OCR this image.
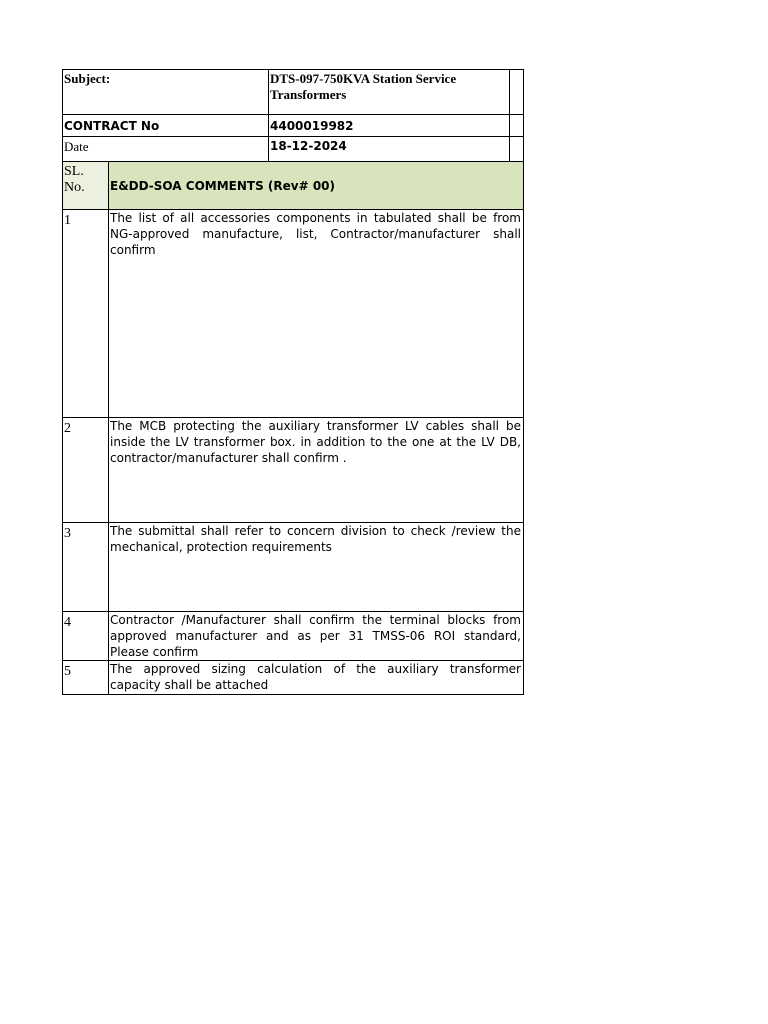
Subject:	DTS-097-750KVA Station Service Transformers	
CONTRACT No	4400019982	
Date	18-12-2024	
SL. No.	E&DD-SOA COMMENTS (Rev# 00)
1	The list of all accessories components in tabulated shall be from NG-approved manufacture, list, Contractor/manufacturer shall confirm
2	The MCB protecting the auxiliary transformer LV cables shall be inside the LV transformer box. in addition to the one at the LV DB, contractor/manufacturer shall confirm .
3	The submittal shall refer to concern division to check /review the mechanical, protection requirements
4	Contractor /Manufacturer shall confirm the terminal blocks from approved manufacturer and as per 31 TMSS-06 ROI standard, Please confirm
5	The approved sizing calculation of the auxiliary transformer capacity shall be attached
